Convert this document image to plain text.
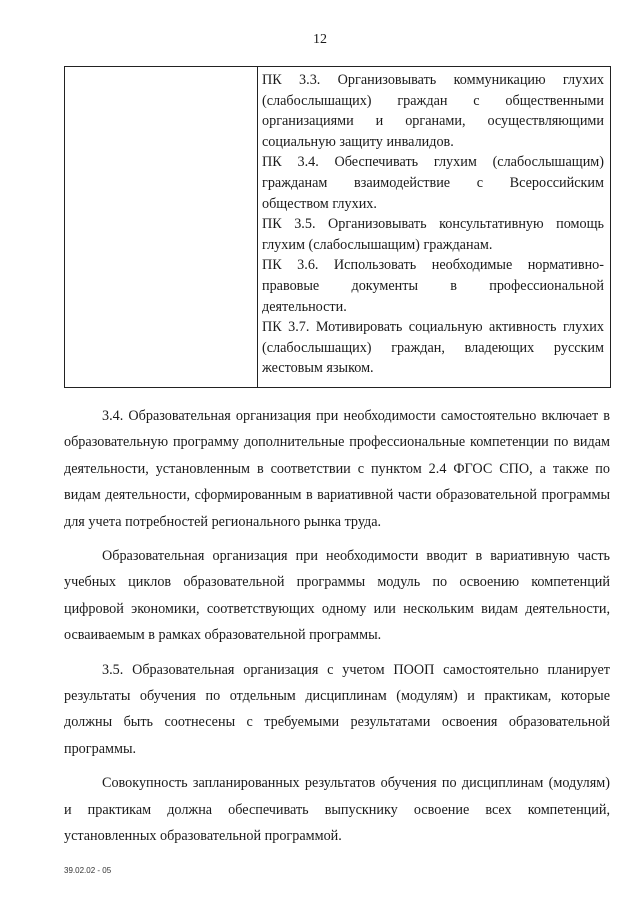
12

ПК 3.3. Организовывать коммуникацию глухих (слабослышащих) граждан с общественными организациями и органами, осуществляющими социальную защиту инвалидов.

ПК 3.4. Обеспечивать глухим (слабослышащим) гражданам взаимодействие с Всероссийским обществом глухих.

ПК 3.5. Организовывать консультативную помощь глухим (слабослышащим) гражданам.

ПК 3.6. Использовать необходимые нормативно-правовые документы в профессиональной деятельности.

ПК 3.7. Мотивировать социальную активность глухих (слабослышащих) граждан, владеющих русским жестовым языком.

3.4. Образовательная организация при необходимости самостоятельно включает в образовательную программу дополнительные профессиональные компетенции по видам деятельности, установленным в соответствии с пунктом 2.4 ФГОС СПО, а также по видам деятельности, сформированным в вариативной части образовательной программы для учета потребностей регионального рынка труда.

Образовательная организация при необходимости вводит в вариативную часть учебных циклов образовательной программы модуль по освоению компетенций цифровой экономики, соответствующих одному или нескольким видам деятельности, осваиваемым в рамках образовательной программы.

3.5. Образовательная организация с учетом ПООП самостоятельно планирует результаты обучения по отдельным дисциплинам (модулям) и практикам, которые должны быть соотнесены с требуемыми результатами освоения образовательной программы.

Совокупность запланированных результатов обучения по дисциплинам (модулям) и практикам должна обеспечивать выпускнику освоение всех компетенций, установленных образовательной программой.

39.02.02 - 05
